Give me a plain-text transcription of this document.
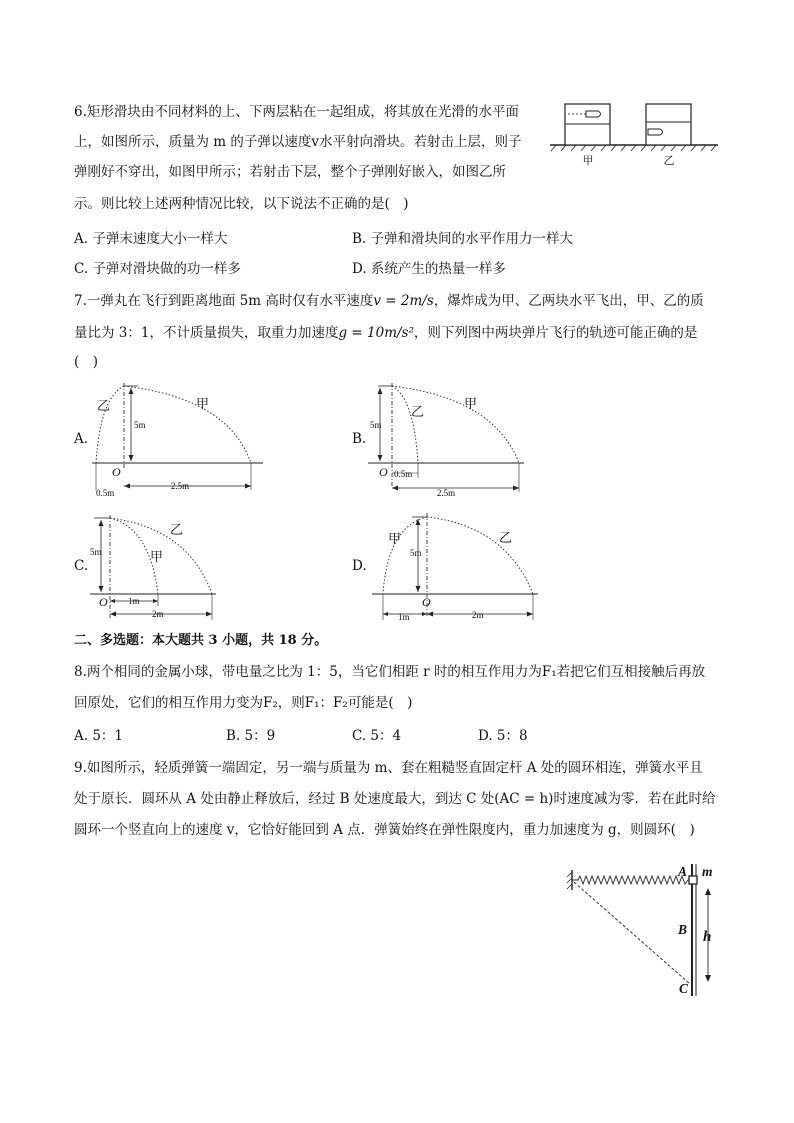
6.矩形滑块由不同材料的上、下两层粘在一起组成，将其放在光滑的水平面
上，如图所示，质量为 m 的子弹以速度v水平射向滑块。若射击上层，则子
弹刚好不穿出，如图甲所示；若射击下层，整个子弹刚好嵌入，如图乙所
示。则比较上述两种情况比较，以下说法不正确的是(　)
甲	乙
A. 子弹末速度大小一样大	B. 子弹和滑块间的水平作用力一样大
C. 子弹对滑块做的功一样多	D. 系统产生的热量一样多
7.一弹丸在飞行到距离地面 5m 高时仅有水平速度v = 2m/s，爆炸成为甲、乙两块水平飞出，甲、乙的质
量比为 3：1，不计质量损失，取重力加速度g = 10m/s²，则下列图中两块弹片飞行的轨迹可能正确的是
(　)
A.
乙	甲
5m
O
0.5m
2.5m
B.
5m
乙
甲
O 0.5m
2.5m
C.
5m
乙
甲
O 1m
2m
D.
甲	乙
5m
O
1m	2m
二、多选题：本大题共 3 小题，共 18 分。
8.两个相同的金属小球，带电量之比为 1：5，当它们相距 r 时的相互作用力为F₁若把它们互相接触后再放
回原处，它们的相互作用力变为F₂，则F₁：F₂可能是(　)
A. 5：1	B. 5：9	C. 5：4	D. 5：8
9.如图所示，轻质弹簧一端固定，另一端与质量为 m、套在粗糙竖直固定杆 A 处的圆环相连，弹簧水平且
处于原长．圆环从 A 处由静止释放后，经过 B 处速度最大，到达 C 处(AC = h)时速度减为零．若在此时给
圆环一个竖直向上的速度 v，它恰好能回到 A 点．弹簧始终在弹性限度内，重力加速度为 g，则圆环(　)
A m
B h
C
